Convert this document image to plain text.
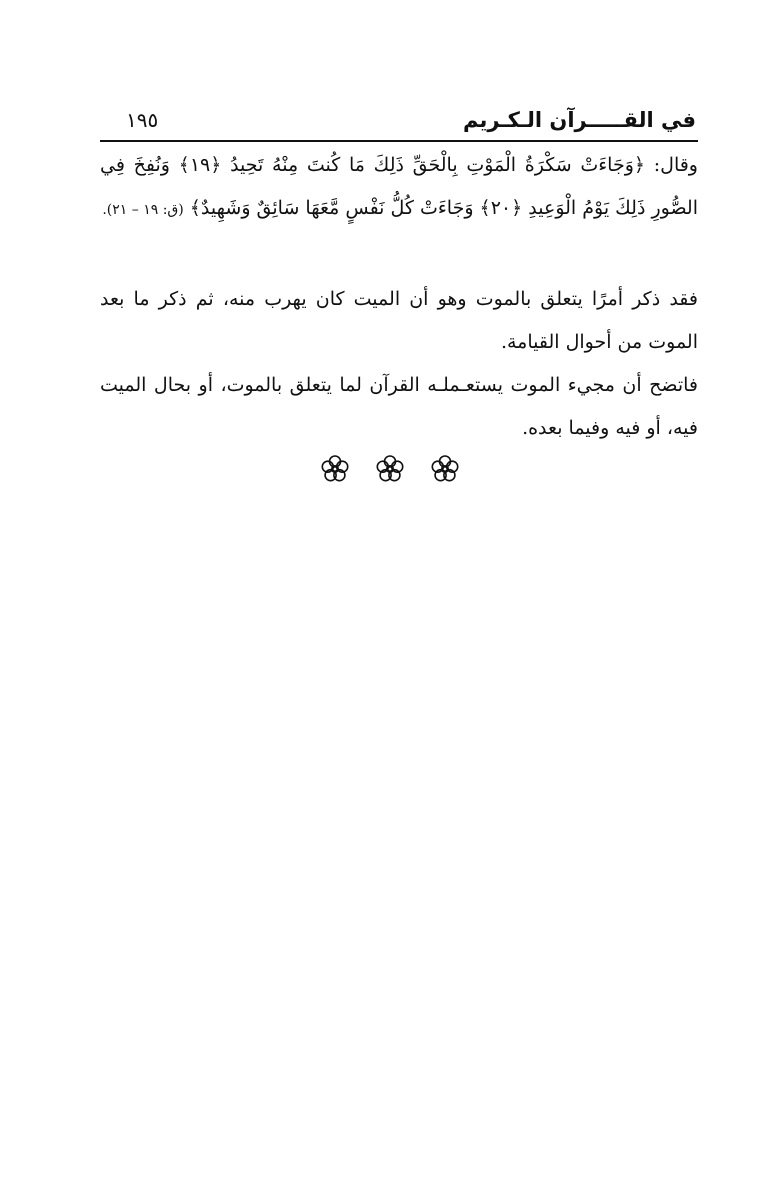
في القـــــرآن الـكـريم
١٩٥
وقال: ﴿وَجَاءَتْ سَكْرَةُ الْمَوْتِ بِالْحَقِّ ذَلِكَ مَا كُنتَ مِنْهُ تَحِيدُ ﴿١٩﴾ وَنُفِخَ فِي الصُّورِ ذَلِكَ يَوْمُ الْوَعِيدِ ﴿٢٠﴾ وَجَاءَتْ كُلُّ نَفْسٍ مَّعَهَا سَائِقٌ وَشَهِيدٌ﴾ (ق: ١٩ – ٢١).
فقد ذكر أمرًا يتعلق بالموت وهو أن الميت كان يهرب منه، ثم ذكر ما بعد الموت من أحوال القيامة.
فاتضح أن مجيء الموت يستعـملـه القرآن لما يتعلق بالموت، أو بحال الميت فيه، أو فيه وفيما بعده.
